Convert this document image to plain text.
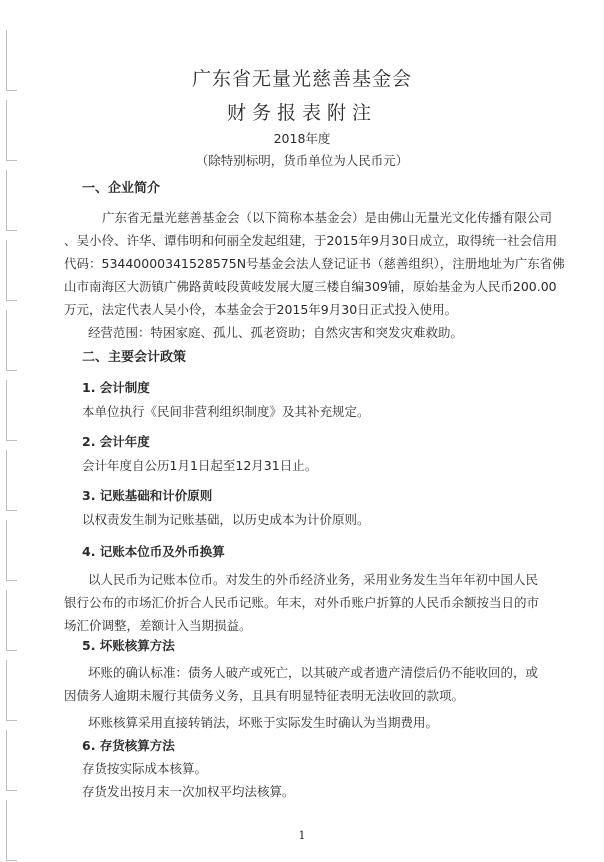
广东省无量光慈善基金会
财务报表附注
2018年度
（除特别标明，货币单位为人民币元）
一、企业简介
广东省无量光慈善基金会（以下简称本基金会）是由佛山无量光文化传播有限公司
、吴小伶、许华、谭伟明和何丽全发起组建，于2015年9月30日成立，取得统一社会信用
代码：53440000341528575N号基金会法人登记证书（慈善组织），注册地址为广东省佛
山市南海区大沥镇广佛路黄岐段黄岐发展大厦三楼自编309铺，原始基金为人民币200.00
万元，法定代表人吴小伶，本基金会于2015年9月30日正式投入使用。
经营范围：特困家庭、孤儿、孤老资助；自然灾害和突发灾难救助。
二、主要会计政策
1. 会计制度
本单位执行《民间非营利组织制度》及其补充规定。
2. 会计年度
会计年度自公历1月1日起至12月31日止。
3. 记账基础和计价原则
以权责发生制为记账基础，以历史成本为计价原则。
4. 记账本位币及外币换算
以人民币为记账本位币。对发生的外币经济业务，采用业务发生当年年初中国人民
银行公布的市场汇价折合人民币记账。年末，对外币账户折算的人民币余额按当日的市
场汇价调整，差额计入当期损益。
5. 坏账核算方法
坏账的确认标准：债务人破产或死亡，以其破产或者遗产清偿后仍不能收回的，或
因债务人逾期未履行其债务义务，且具有明显特征表明无法收回的款项。
坏账核算采用直接转销法，坏账于实际发生时确认为当期费用。
6. 存货核算方法
存货按实际成本核算。
存货发出按月末一次加权平均法核算。
1
